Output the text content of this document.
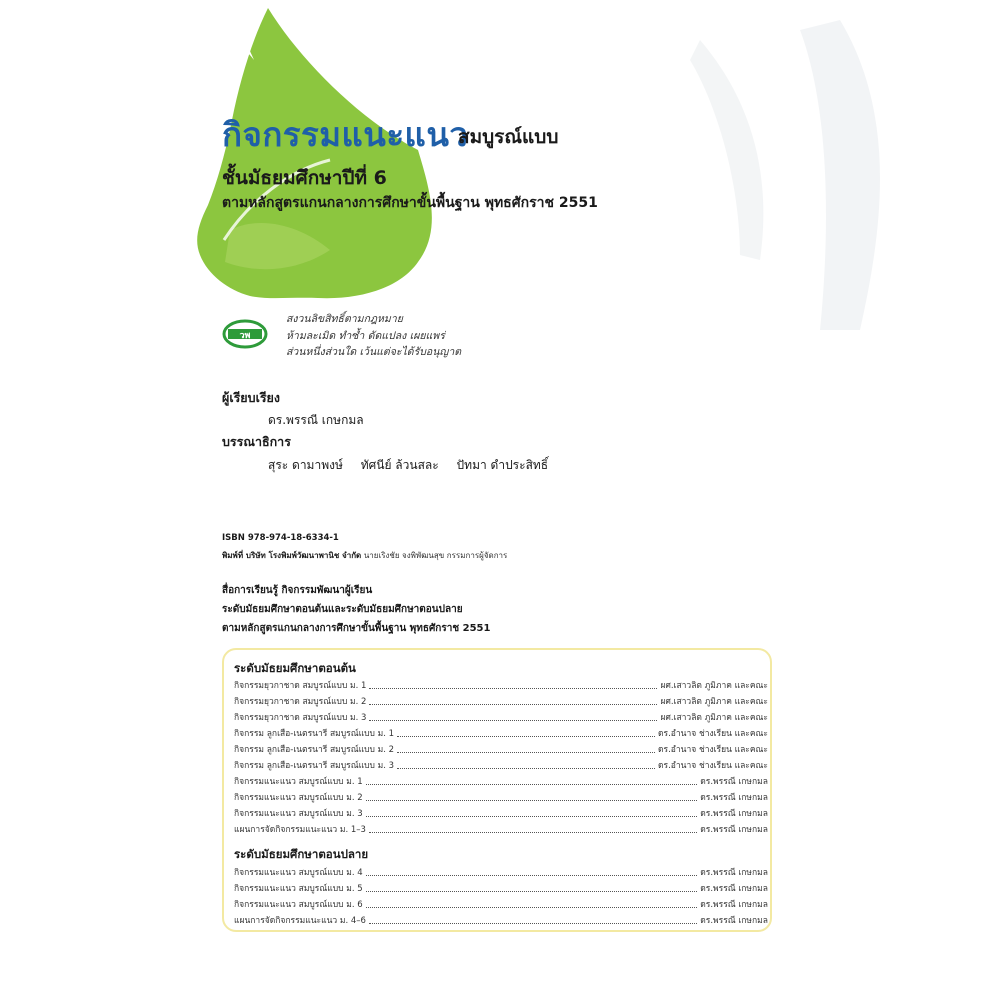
กิจกรรมแนะแนว
สมบูรณ์แบบ
ชั้นมัธยมศึกษาปีที่ 6
ตามหลักสูตรแกนกลางการศึกษาขั้นพื้นฐาน พุทธศักราช 2551
วพ
สงวนลิขสิทธิ์ตามกฎหมาย
ห้ามละเมิด ทำซ้ำ ดัดแปลง เผยแพร่
ส่วนหนึ่งส่วนใด เว้นแต่จะได้รับอนุญาต
ผู้เรียบเรียง
ดร.พรรณี เกษกมล
บรรณาธิการ
สุระ ดามาพงษ์ ทัศนีย์ ล้วนสละ ปัทมา ดำประสิทธิ์
ISBN 978-974-18-6334-1
พิมพ์ที่ บริษัท โรงพิมพ์วัฒนาพานิช จำกัด นายเริงชัย จงพิพัฒนสุข กรรมการผู้จัดการ
สื่อการเรียนรู้ กิจกรรมพัฒนาผู้เรียน
ระดับมัธยมศึกษาตอนต้นและระดับมัธยมศึกษาตอนปลาย
ตามหลักสูตรแกนกลางการศึกษาขั้นพื้นฐาน พุทธศักราช 2551
ระดับมัธยมศึกษาตอนต้น
กิจกรรมยุวกาชาด สมบูรณ์แบบ ม. 1	ผศ.เสาวลิต ภูมิภาค และคณะ
กิจกรรมยุวกาชาด สมบูรณ์แบบ ม. 2	ผศ.เสาวลิต ภูมิภาค และคณะ
กิจกรรมยุวกาชาด สมบูรณ์แบบ ม. 3	ผศ.เสาวลิต ภูมิภาค และคณะ
กิจกรรม ลูกเสือ-เนตรนารี สมบูรณ์แบบ ม. 1	ดร.อำนาจ ช่างเรียน และคณะ
กิจกรรม ลูกเสือ-เนตรนารี สมบูรณ์แบบ ม. 2	ดร.อำนาจ ช่างเรียน และคณะ
กิจกรรม ลูกเสือ-เนตรนารี สมบูรณ์แบบ ม. 3	ดร.อำนาจ ช่างเรียน และคณะ
กิจกรรมแนะแนว สมบูรณ์แบบ ม. 1	ดร.พรรณี เกษกมล
กิจกรรมแนะแนว สมบูรณ์แบบ ม. 2	ดร.พรรณี เกษกมล
กิจกรรมแนะแนว สมบูรณ์แบบ ม. 3	ดร.พรรณี เกษกมล
แผนการจัดกิจกรรมแนะแนว ม. 1–3	ดร.พรรณี เกษกมล
ระดับมัธยมศึกษาตอนปลาย
กิจกรรมแนะแนว สมบูรณ์แบบ ม. 4	ดร.พรรณี เกษกมล
กิจกรรมแนะแนว สมบูรณ์แบบ ม. 5	ดร.พรรณี เกษกมล
กิจกรรมแนะแนว สมบูรณ์แบบ ม. 6	ดร.พรรณี เกษกมล
แผนการจัดกิจกรรมแนะแนว ม. 4–6	ดร.พรรณี เกษกมล
